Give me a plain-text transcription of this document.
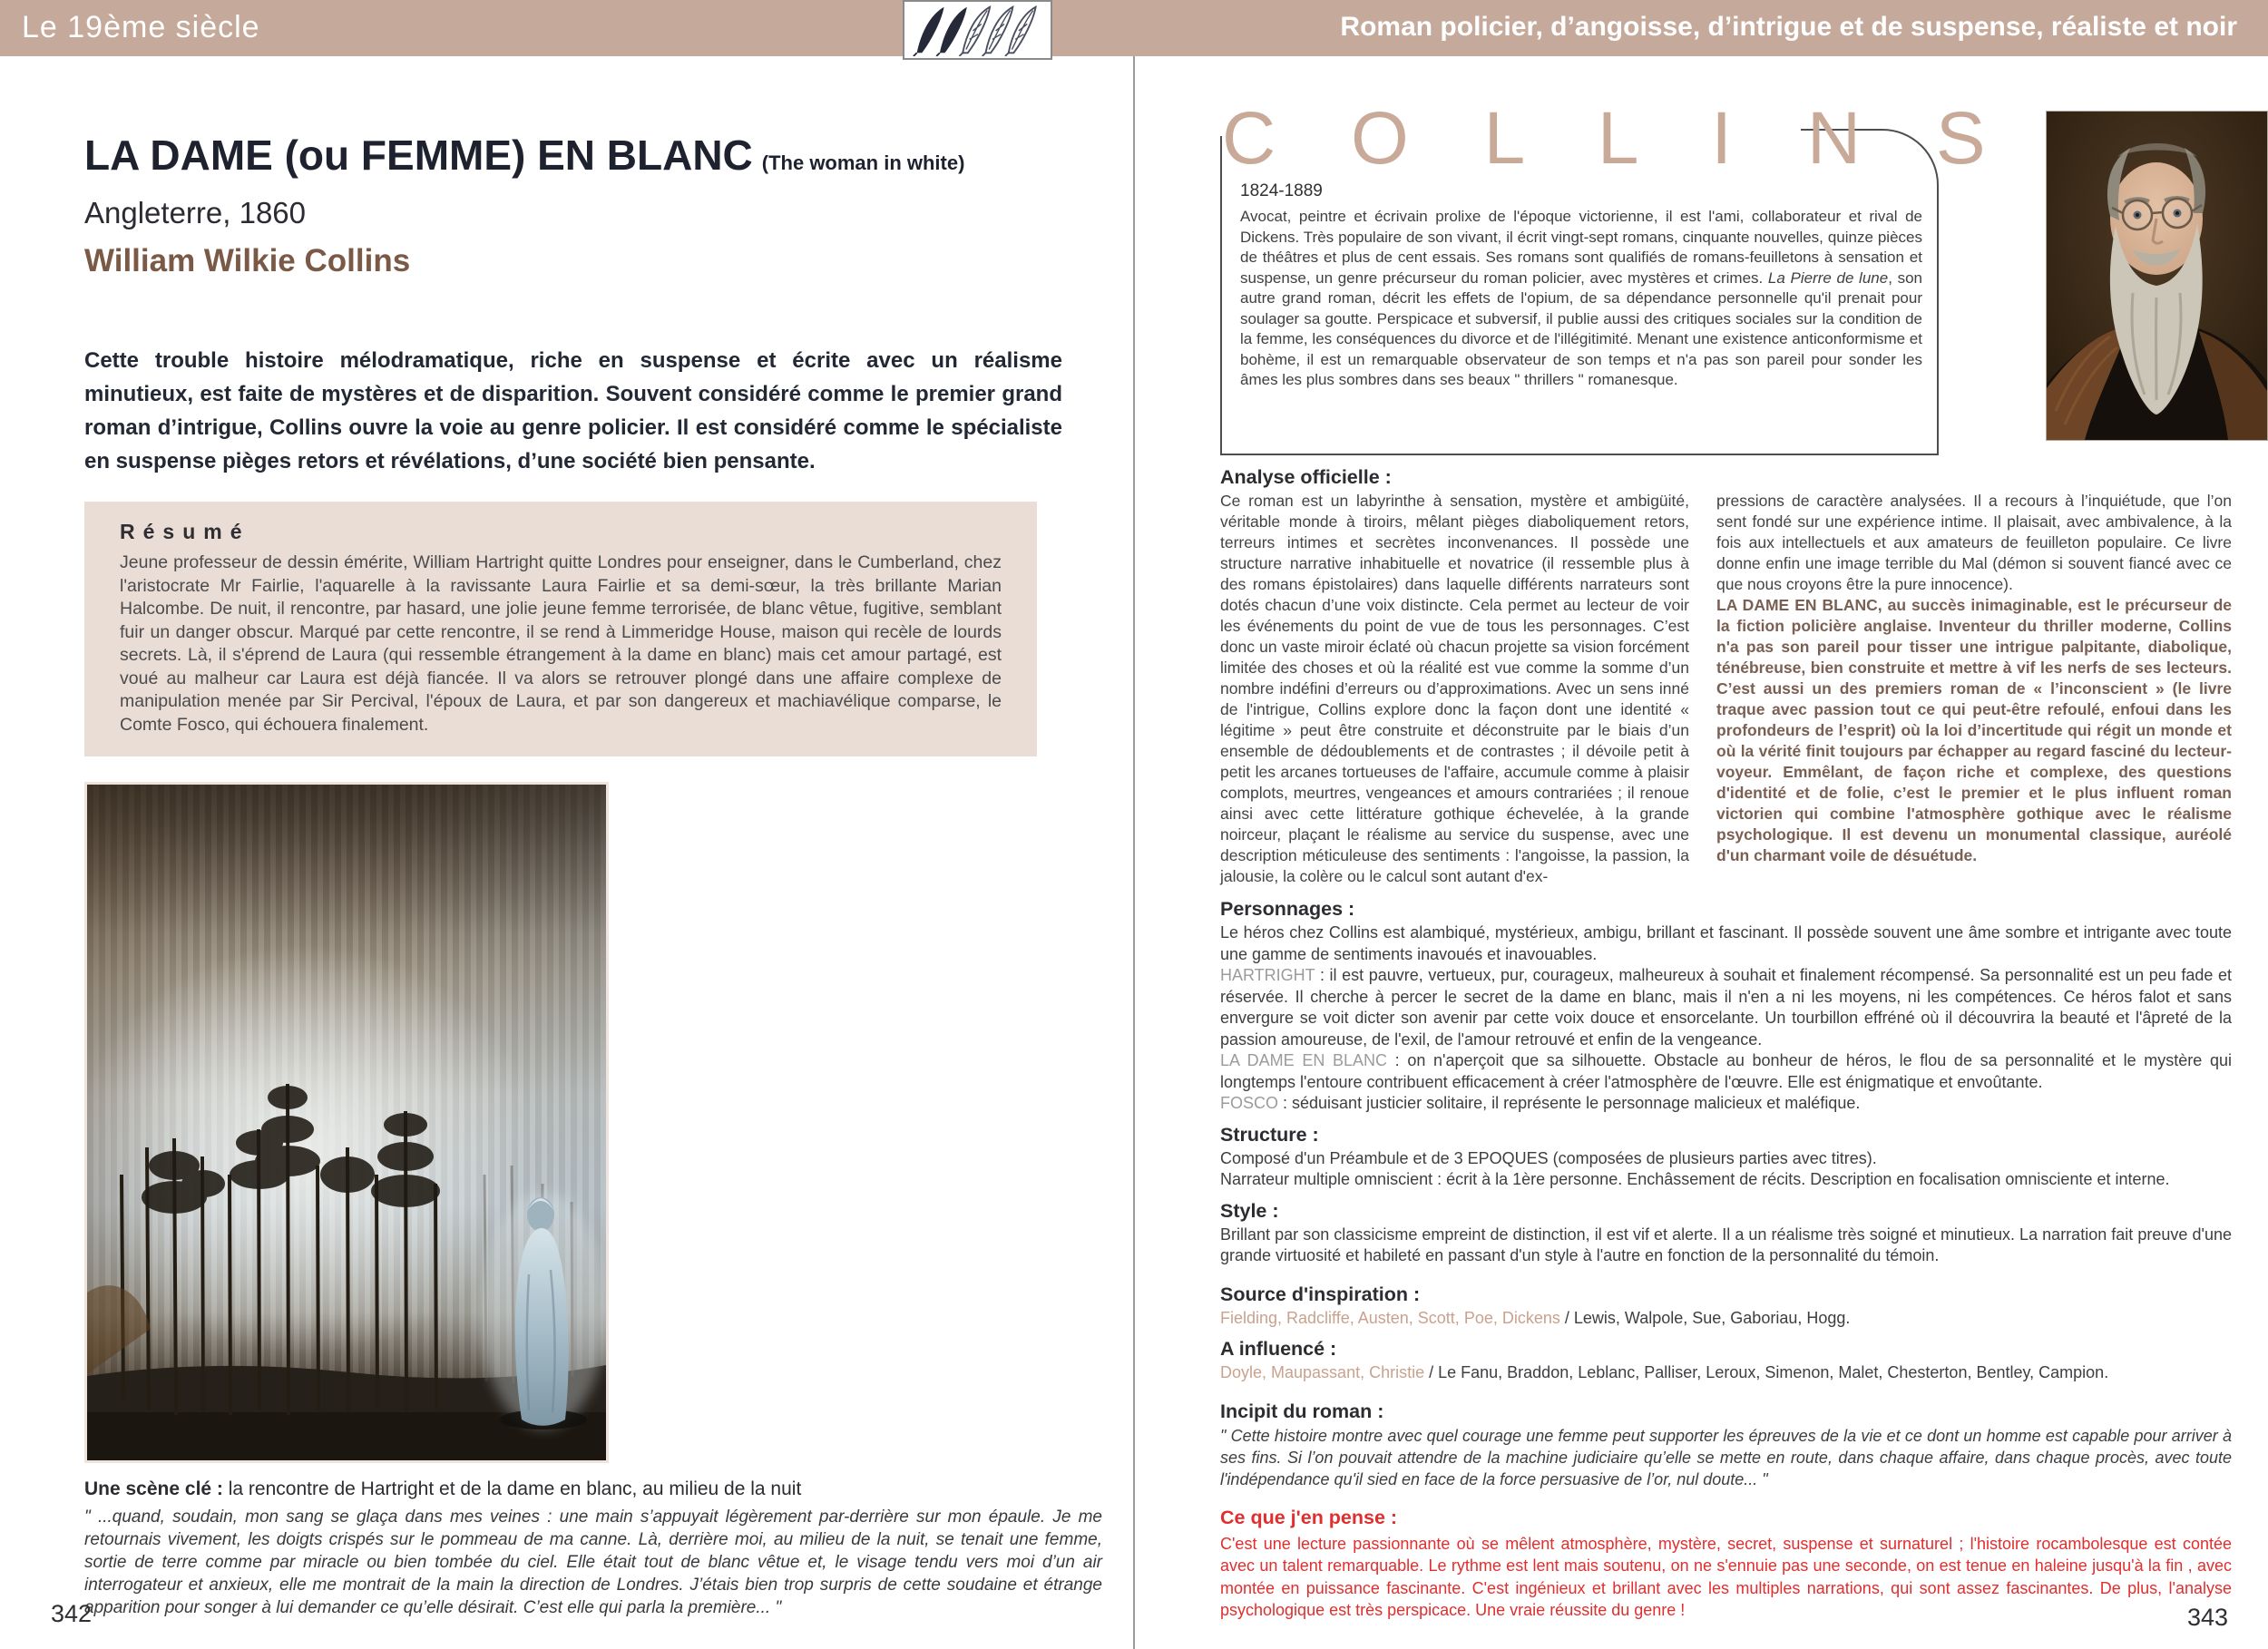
Le 19ème siècle	Roman policier, d’angoisse, d’intrigue et de suspense, réaliste et noir
LA DAME (ou FEMME) EN BLANC (The woman in white)
Angleterre, 1860
William Wilkie Collins

Cette trouble histoire mélodramatique, riche en suspense et écrite avec un réalisme minutieux, est faite de mystères et de disparition. Souvent considéré comme le premier grand roman d’intrigue, Collins ouvre la voie au genre policier. Il est considéré comme le spécialiste en suspense pièges retors et révélations, d’une société bien pensante.

Résumé
Jeune professeur de dessin émérite, William Hartright quitte Londres pour enseigner, dans le Cumberland, chez l'aristocrate Mr Fairlie, l'aquarelle à la ravissante Laura Fairlie et sa demi-sœur, la très brillante Marian Halcombe. De nuit, il rencontre, par hasard, une jolie jeune femme terrorisée, de blanc vêtue, fugitive, semblant fuir un danger obscur. Marqué par cette rencontre, il se rend à Limmeridge House, maison qui recèle de lourds secrets. Là, il s'éprend de Laura (qui ressemble étrangement à la dame en blanc) mais cet amour partagé, est voué au malheur car Laura est déjà fiancée. Il va alors se retrouver plongé dans une affaire complexe de manipulation menée par Sir Percival, l'époux de Laura, et par son dangereux et machiavélique comparse, le Comte Fosco, qui échouera finalement.
Une scène clé : la rencontre de Hartright et de la dame en blanc, au milieu de la nuit
" ...quand, soudain, mon sang se glaça dans mes veines : une main s’appuyait légèrement par-derrière sur mon épaule. Je me retournais vivement, les doigts crispés sur le pommeau de ma canne. Là, derrière moi, au milieu de la nuit, se tenait une femme, sortie de terre comme par miracle ou bien tombée du ciel. Elle était tout de blanc vêtue et, le visage tendu vers moi d’un air interrogateur et anxieux, elle me montrait de la main la direction de Londres. J’étais bien trop surpris de cette soudaine et étrange apparition pour songer à lui demander ce qu’elle désirait. C’est elle qui parla la première... "
342
C O L L I N S
1824-1889
Avocat, peintre et écrivain prolixe de l'époque victorienne, il est l'ami, collaborateur et rival de Dickens. Très populaire de son vivant, il écrit vingt-sept romans, cinquante nouvelles, quinze pièces de théâtres et plus de cent essais. Ses romans sont qualifiés de romans-feuilletons à sensation et suspense, un genre précurseur du roman policier, avec mystères et crimes. La Pierre de lune, son autre grand roman, décrit les effets de l'opium, de sa dépendance personnelle qu'il prenait pour soulager sa goutte. Perspicace et subversif, il publie aussi des critiques sociales sur la condition de la femme, les conséquences du divorce et de l'illégitimité. Menant une existence anticonformisme et bohème, il est un remarquable observateur de son temps et n'a pas son pareil pour sonder les âmes les plus sombres dans ses beaux " thrillers " romanesque.
Analyse officielle :
Ce roman est un labyrinthe à sensation, mystère et ambigüité, véritable monde à tiroirs, mêlant pièges diaboliquement retors, terreurs intimes et secrètes inconvenances. Il possède une structure narrative inhabituelle et novatrice (il ressemble plus à des romans épistolaires) dans laquelle différents narrateurs sont dotés chacun d’une voix distincte. Cela permet au lecteur de voir les événements du point de vue de tous les personnages. C’est donc un vaste miroir éclaté où chacun projette sa vision forcément limitée des choses et où la réalité est vue comme la somme d’un nombre indéfini d’erreurs ou d’approximations. Avec un sens inné de l'intrigue, Collins explore donc la façon dont une identité « légitime » peut être construite et déconstruite par le biais d’un ensemble de dédoublements et de contrastes ; il dévoile petit à petit les arcanes tortueuses de l'affaire, accumule comme à plaisir complots, meurtres, vengeances et amours contrariées ; il renoue ainsi avec cette littérature gothique échevelée, à la grande noirceur, plaçant le réalisme au service du suspense, avec une description méticuleuse des sentiments : l'angoisse, la passion, la jalousie, la colère ou le calcul sont autant d'ex-
pressions de caractère analysées. Il a recours à l’inquiétude, que l’on sent fondé sur une expérience intime. Il plaisait, avec ambivalence, à la fois aux intellectuels et aux amateurs de feuilleton populaire. Ce livre donne enfin une image terrible du Mal (démon si souvent fiancé avec ce que nous croyons être la pure innocence).
LA DAME EN BLANC, au succès inimaginable, est le précurseur de la fiction policière anglaise. Inventeur du thriller moderne, Collins n'a pas son pareil pour tisser une intrigue palpitante, diabolique, ténébreuse, bien construite et mettre à vif les nerfs de ses lecteurs. C’est aussi un des premiers roman de « l’inconscient » (le livre traque avec passion tout ce qui peut-être refoulé, enfoui dans les profondeurs de l’esprit) où la loi d’incertitude qui régit un monde et où la vérité finit toujours par échapper au regard fasciné du lecteur-voyeur. Emmêlant, de façon riche et complexe, des questions d'identité et de folie, c’est le premier et le plus influent roman victorien qui combine l'atmosphère gothique avec le réalisme psychologique. Il est devenu un monumental classique, auréolé d'un charmant voile de désuétude.
Personnages :
Le héros chez Collins est alambiqué, mystérieux, ambigu, brillant et fascinant. Il possède souvent une âme sombre et intrigante avec toute une gamme de sentiments inavoués et inavouables.
HARTRIGHT : il est pauvre, vertueux, pur, courageux, malheureux à souhait et finalement récompensé. Sa personnalité est un peu fade et réservée. Il cherche à percer le secret de la dame en blanc, mais il n'en a ni les moyens, ni les compétences. Ce héros falot et sans envergure se voit dicter son avenir par cette voix douce et ensorcelante. Un tourbillon effréné où il découvrira la beauté et l'âpreté de la passion amoureuse, de l'exil, de l'amour retrouvé et enfin de la vengeance.
LA DAME EN BLANC : on n'aperçoit que sa silhouette. Obstacle au bonheur de héros, le flou de sa personnalité et le mystère qui longtemps l'entoure contribuent efficacement à créer l'atmosphère de l'œuvre. Elle est énigmatique et envoûtante.
FOSCO : séduisant justicier solitaire, il représente le personnage malicieux et maléfique.
Structure :
Composé d'un Préambule et de 3 EPOQUES (composées de plusieurs parties avec titres).
Narrateur multiple omniscient : écrit à la 1ère personne. Enchâssement de récits. Description en focalisation omnisciente et interne.
Style :
Brillant par son classicisme empreint de distinction, il est vif et alerte. Il a un réalisme très soigné et minutieux. La narration fait preuve d'une grande virtuosité et habileté en passant d'un style à l'autre en fonction de la personnalité du témoin.
Source d'inspiration :
Fielding, Radcliffe, Austen, Scott, Poe, Dickens / Lewis, Walpole, Sue, Gaboriau, Hogg.
A influencé :
Doyle, Maupassant, Christie / Le Fanu, Braddon, Leblanc, Palliser, Leroux, Simenon, Malet, Chesterton, Bentley, Campion.
Incipit du roman :
" Cette histoire montre avec quel courage une femme peut supporter les épreuves de la vie et ce dont un homme est capable pour arriver à ses fins. Si l’on pouvait attendre de la machine judiciaire qu’elle se mette en route, dans chaque affaire, dans chaque procès, avec toute l'indépendance qu'il sied en face de la force persuasive de l’or, nul doute... "
Ce que j'en pense :
C'est une lecture passionnante où se mêlent atmosphère, mystère, secret, suspense et surnaturel ; l'histoire rocambolesque est contée avec un talent remarquable. Le rythme est lent mais soutenu, on ne s'ennuie pas une seconde, on est tenue en haleine jusqu'à la fin , avec montée en puissance fascinante. C'est ingénieux et brillant avec les multiples narrations, qui sont assez fascinantes. De plus, l'analyse psychologique est très perspicace. Une vraie réussite du genre !	343
